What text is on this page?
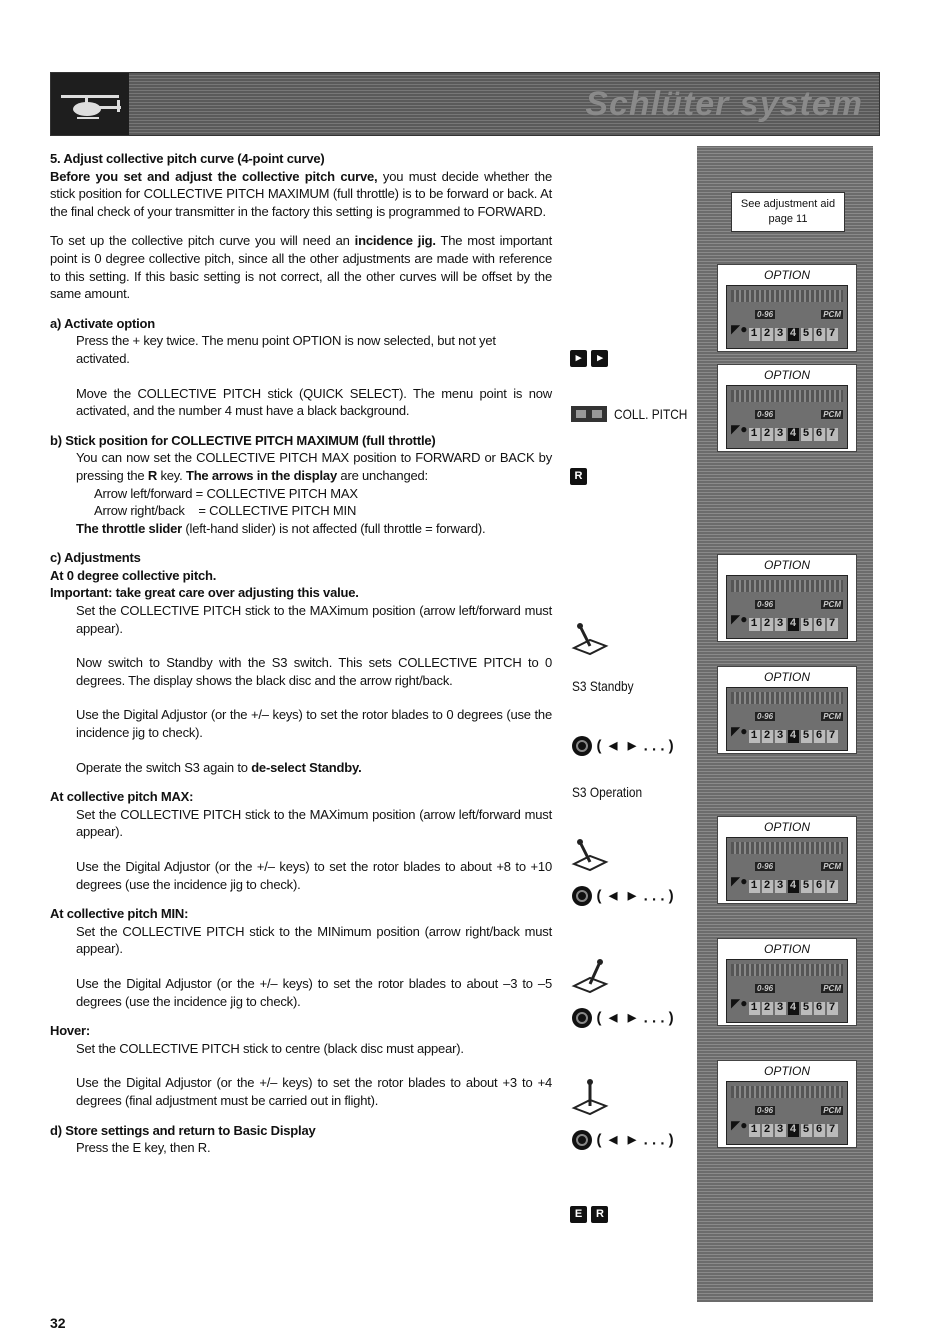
Schlüter system

5. Adjust collective pitch curve (4-point curve)

Before you set and adjust the collective pitch curve, you must decide whether the stick position for COLLECTIVE PITCH MAXIMUM (full throttle) is to be forward or back. At the final check of your transmitter in the factory this setting is programmed to FORWARD.

To set up the collective pitch curve you will need an incidence jig. The most important point is 0 degree collective pitch, since all the other adjustments are made with reference to this setting. If this basic setting is not correct, all the other curves will be offset by the same amount.

a) Activate option

Press the + key twice. The menu point OPTION is now selected, but not yet activated.

Move the COLLECTIVE PITCH stick (QUICK SELECT). The menu point is now activated, and the number 4 must have a black background.

b) Stick position for COLLECTIVE PITCH MAXIMUM (full throttle)

You can now set the COLLECTIVE PITCH MAX position to FORWARD or BACK by pressing the R key. The arrows in the display are unchanged:

Arrow left/forward = COLLECTIVE PITCH MAX

Arrow right/back    = COLLECTIVE PITCH MIN

The throttle slider (left-hand slider) is not affected (full throttle = forward).

c) Adjustments

At 0 degree collective pitch.

Important: take great care over adjusting this value.

Set the COLLECTIVE PITCH stick to the MAXimum position (arrow left/forward must appear).

Now switch to Standby with the S3 switch. This sets COLLECTIVE PITCH to 0 degrees. The display shows the black disc and the arrow right/back.

Use the Digital Adjustor (or the +/– keys) to set the rotor blades to 0 degrees (use the incidence jig to check).

Operate the switch S3 again to de-select Standby.

At collective pitch MAX:

Set the COLLECTIVE PITCH stick to the MAXimum position (arrow left/forward must appear).

Use the Digital Adjustor (or the +/– keys) to set the rotor blades to about +8 to +10 degrees (use the incidence jig to check).

At collective pitch MIN:

Set the COLLECTIVE PITCH stick to the MINimum position (arrow right/back must appear).

Use the Digital Adjustor (or the +/– keys) to set the rotor blades to about –3 to –5 degrees (use the incidence jig to check).

Hover:

Set the COLLECTIVE PITCH stick to centre (black disc must appear).

Use the Digital Adjustor (or the +/– keys) to set the rotor blades to about +3 to +4 degrees (final adjustment must be carried out in flight).

d) Store settings and return to Basic Display

Press the E key, then R.

▸ ▸
COLL. PITCH
R
S3 Standby
( ◄ ► . . . )
S3 Operation
( ◄ ► . . . )
( ◄ ► . . . )
( ◄ ► . . . )
E R
See adjustment aid
page 11
OPTION
0-96	PCM
◤● 1 2 3 4 5 6 7
OPTION
0-96	PCM
◤● 1 2 3 4 5 6 7
OPTION
0-96	PCM
◤● 1 2 3 4 5 6 7
OPTION
0-96	PCM
◤● 1 2 3 4 5 6 7
OPTION
0-96	PCM
◤● 1 2 3 4 5 6 7
OPTION
0-96	PCM
◤● 1 2 3 4 5 6 7
OPTION
0-96	PCM
◤● 1 2 3 4 5 6 7
32
